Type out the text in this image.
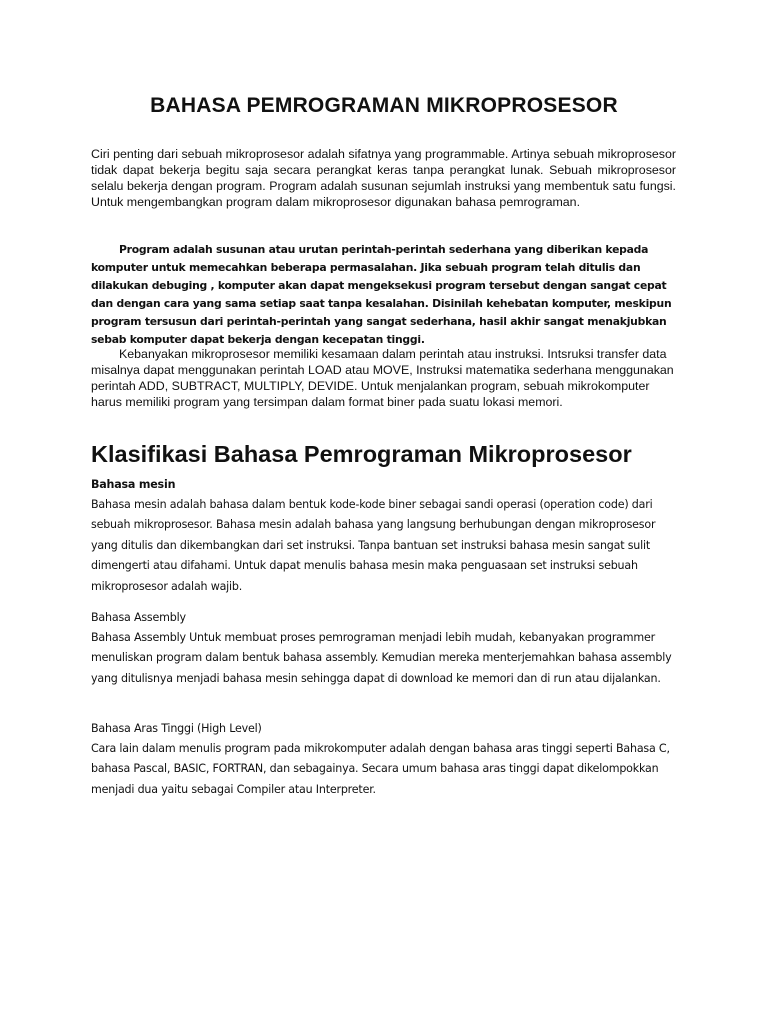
BAHASA PEMROGRAMAN MIKROPROSESOR

Ciri penting dari sebuah mikroprosesor adalah sifatnya yang programmable. Artinya sebuah mikroprosesor tidak dapat bekerja begitu saja secara perangkat keras tanpa perangkat lunak. Sebuah mikroprosesor selalu bekerja dengan program. Program adalah susunan sejumlah instruksi yang membentuk satu fungsi. Untuk mengembangkan program dalam mikroprosesor digunakan bahasa pemrograman.

Program adalah susunan atau urutan perintah-perintah sederhana yang diberikan kepada komputer untuk memecahkan beberapa permasalahan. Jika sebuah program telah ditulis dan dilakukan debuging , komputer akan dapat mengeksekusi program tersebut dengan sangat cepat dan dengan cara yang sama setiap saat tanpa kesalahan. Disinilah kehebatan komputer, meskipun program tersusun dari perintah-perintah yang sangat sederhana, hasil akhir sangat menakjubkan sebab komputer dapat bekerja dengan kecepatan tinggi.

Kebanyakan mikroprosesor memiliki kesamaan dalam perintah atau instruksi. Intsruksi transfer data misalnya dapat menggunakan perintah LOAD atau MOVE, Instruksi matematika sederhana menggunakan perintah ADD, SUBTRACT, MULTIPLY, DEVIDE. Untuk menjalankan program, sebuah mikrokomputer harus memiliki program yang tersimpan dalam format biner pada suatu lokasi memori.

Klasifikasi Bahasa Pemrograman Mikroprosesor
Bahasa mesin
Bahasa mesin adalah bahasa dalam bentuk kode-kode biner sebagai sandi operasi (operation code) dari sebuah mikroprosesor. Bahasa mesin adalah bahasa yang langsung berhubungan dengan mikroprosesor yang ditulis dan dikembangkan dari set instruksi. Tanpa bantuan set instruksi bahasa mesin sangat sulit dimengerti atau difahami. Untuk dapat menulis bahasa mesin maka penguasaan set instruksi sebuah mikroprosesor adalah wajib.
Bahasa Assembly
Bahasa Assembly Untuk membuat proses pemrograman menjadi lebih mudah, kebanyakan programmer menuliskan program dalam bentuk bahasa assembly. Kemudian mereka menterjemahkan bahasa assembly yang ditulisnya menjadi bahasa mesin sehingga dapat di download ke memori dan di run atau dijalankan.
Bahasa Aras Tinggi (High Level)
Cara lain dalam menulis program pada mikrokomputer adalah dengan bahasa aras tinggi seperti Bahasa C, bahasa Pascal, BASIC, FORTRAN, dan sebagainya. Secara umum bahasa aras tinggi dapat dikelompokkan menjadi dua yaitu sebagai Compiler atau Interpreter.
